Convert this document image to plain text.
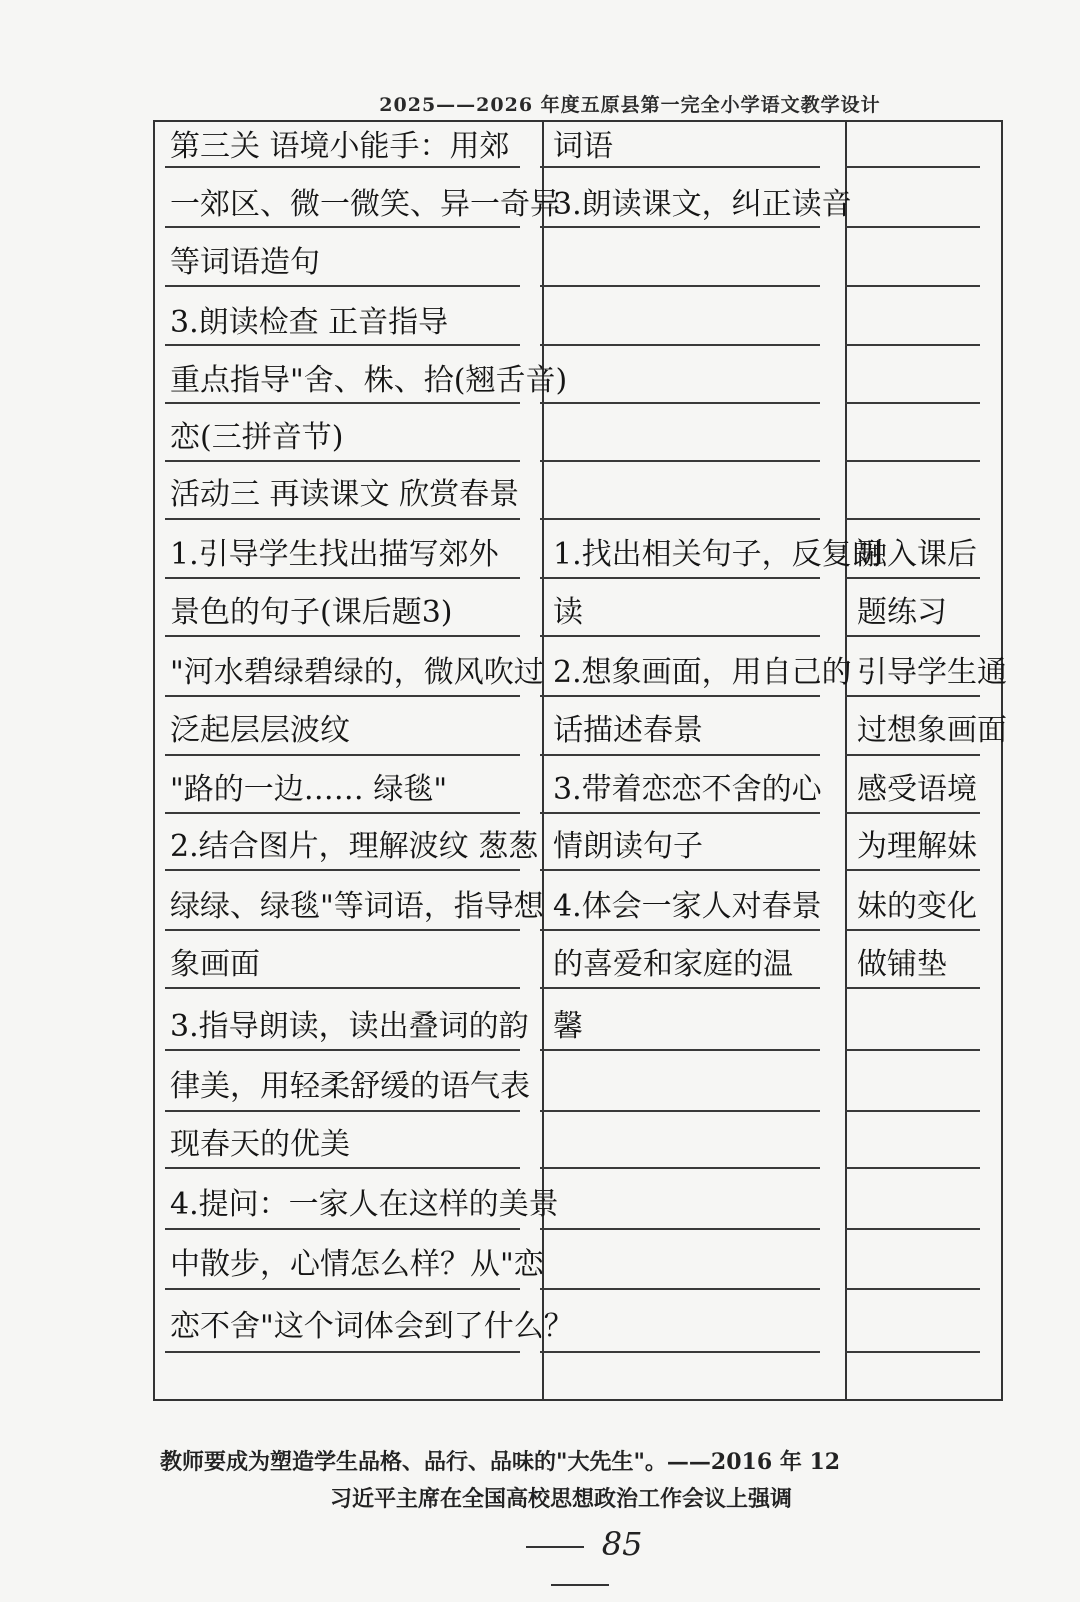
2025——2026 年度五原县第一完全小学语文教学设计
第三关 语境小能手：用郊
一郊区、微一微笑、异一奇异
等词语造句
3.朗读检查 正音指导
重点指导"舍、株、拾(翘舌音)
恋(三拼音节)
活动三 再读课文 欣赏春景
1.引导学生找出描写郊外
景色的句子(课后题3)
"河水碧绿碧绿的，微风吹过
泛起层层波纹
"路的一边…… 绿毯"
2.结合图片，理解波纹 葱葱
绿绿、绿毯"等词语，指导想
象画面
3.指导朗读，读出叠词的韵
律美，用轻柔舒缓的语气表
现春天的优美
4.提问：一家人在这样的美景
中散步，心情怎么样？从"恋
恋不舍"这个词体会到了什么？
词语
3.朗读课文，纠正读音
1.找出相关句子，反复朗
读
2.想象画面，用自己的
话描述春景
3.带着恋恋不舍的心
情朗读句子
4.体会一家人对春景
的喜爱和家庭的温
馨
融入课后
题练习
引导学生通
过想象画面
感受语境
为理解妹
妹的变化
做铺垫
教师要成为塑造学生品格、品行、品味的"大先生"。——2016 年 12
习近平主席在全国高校思想政治工作会议上强调
85
